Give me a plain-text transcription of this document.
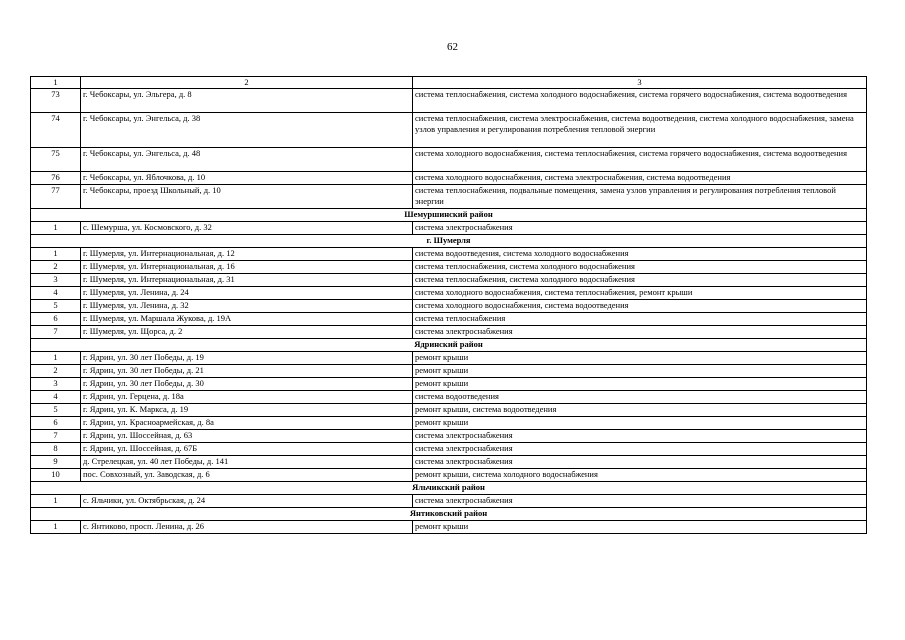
62
1	2	3
73	г. Чебоксары, ул. Эльгера, д. 8	система теплоснабжения, система холодного водоснабжения, система горячего водоснабжения, система водоотведения
74	г. Чебоксары, ул. Энгельса, д. 38	система теплоснабжения, система электроснабжения, система водоотведения, система холодного водоснабжения, замена узлов управления и регулирования потребления тепловой энергии
75	г. Чебоксары, ул. Энгельса, д. 48	система холодного водоснабжения, система теплоснабжения, система горячего водоснабжения, система водоотведения
76	г. Чебоксары, ул. Яблочкова, д. 10	система холодного водоснабжения, система электроснабжения, система водоотведения
77	г. Чебоксары, проезд Школьный, д. 10	система теплоснабжения, подвальные помещения, замена узлов управления и регулирования потребления тепловой энергии
Шемуршинский район		
1	с. Шемурша, ул. Космовского, д. 32	система электроснабжения
г. Шумерля		
1	г. Шумерля, ул. Интернациональная, д. 12	система водоотведения, система холодного водоснабжения
2	г. Шумерля, ул. Интернациональная, д. 16	система теплоснабжения, система холодного водоснабжения
3	г. Шумерля, ул. Интернациональная, д. 31	система теплоснабжения, система холодного водоснабжения
4	г. Шумерля, ул. Ленина, д. 24	система холодного водоснабжения, система теплоснабжения, ремонт крыши
5	г. Шумерля, ул. Ленина, д. 32	система холодного водоснабжения, система водоотведения
6	г. Шумерля, ул. Маршала Жукова, д. 19А	система теплоснабжения
7	г. Шумерля, ул. Щорса, д. 2	система электроснабжения
Ядринский район		
1	г. Ядрин, ул. 30 лет Победы, д. 19	ремонт крыши
2	г. Ядрин, ул. 30 лет Победы, д. 21	ремонт крыши
3	г. Ядрин, ул. 30 лет Победы, д. 30	ремонт крыши
4	г. Ядрин, ул. Герцена, д. 18а	система водоотведения
5	г. Ядрин, ул. К. Маркса, д. 19	ремонт крыши, система водоотведения
6	г. Ядрин, ул. Красноармейская, д. 8а	ремонт крыши
7	г. Ядрин, ул. Шоссейная, д. 63	система электроснабжения
8	г. Ядрин, ул. Шоссейная, д. 67Б	система электроснабжения
9	д. Стрелецкая, ул. 40 лет Победы, д. 141	система электроснабжения
10	пос. Совхозный, ул. Заводская, д. 6	ремонт крыши, система холодного водоснабжения
Яльчикский район		
1	с. Яльчики, ул. Октябрьская, д. 24	система электроснабжения
Янтиковский район		
1	с. Янтиково, просп. Ленина, д. 26	ремонт крыши
